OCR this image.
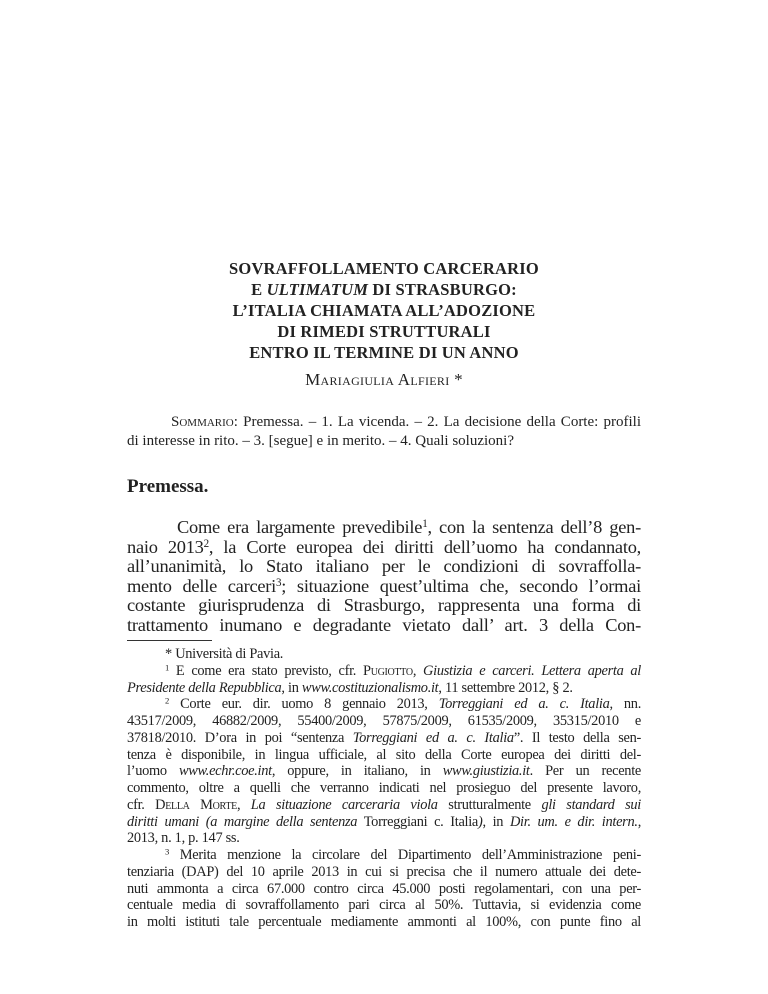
SOVRAFFOLLAMENTO CARCERARIO
E ULTIMATUM DI STRASBURGO:
L’ITALIA CHIAMATA ALL’ADOZIONE
DI RIMEDI STRUTTURALI
ENTRO IL TERMINE DI UN ANNO
Mariagiulia Alfieri *
Sommario: Premessa. – 1. La vicenda. – 2. La decisione della Corte: profili
di interesse in rito. – 3. [segue] e in merito. – 4. Quali soluzioni?
Premessa.
Come era largamente prevedibile$^1$, con la sentenza dell’8 gen-
naio 2013$^2$, la Corte europea dei diritti dell’uomo ha condannato,
all’unanimità, lo Stato italiano per le condizioni di sovraffolla-
mento delle carceri$^3$; situazione quest’ultima che, secondo l’ormai
costante giurisprudenza di Strasburgo, rappresenta una forma di
trattamento inumano e degradante vietato dall’ art. 3 della Con-
* Università di Pavia.
$^1$ E come era stato previsto, cfr. Pugiotto, Giustizia e carceri. Lettera aperta al
Presidente della Repubblica, in www.costituzionalismo.it, 11 settembre 2012, § 2.
$^2$ Corte eur. dir. uomo 8 gennaio 2013, Torreggiani ed a. c. Italia, nn.
43517/2009, 46882/2009, 55400/2009, 57875/2009, 61535/2009, 35315/2010 e
37818/2010. D’ora in poi “sentenza Torreggiani ed a. c. Italia”. Il testo della sen-
tenza è disponibile, in lingua ufficiale, al sito della Corte europea dei diritti del-
l’uomo www.echr.coe.int, oppure, in italiano, in www.giustizia.it. Per un recente
commento, oltre a quelli che verranno indicati nel prosieguo del presente lavoro,
cfr. Della Morte, La situazione carceraria viola strutturalmente gli standard sui
diritti umani (a margine della sentenza Torreggiani c. Italia), in Dir. um. e dir. intern.,
2013, n. 1, p. 147 ss.
$^3$ Merita menzione la circolare del Dipartimento dell’Amministrazione peni-
tenziaria (DAP) del 10 aprile 2013 in cui si precisa che il numero attuale dei dete-
nuti ammonta a circa 67.000 contro circa 45.000 posti regolamentari, con una per-
centuale media di sovraffollamento pari circa al 50%. Tuttavia, si evidenzia come
in molti istituti tale percentuale mediamente ammonti al 100%, con punte fino al
